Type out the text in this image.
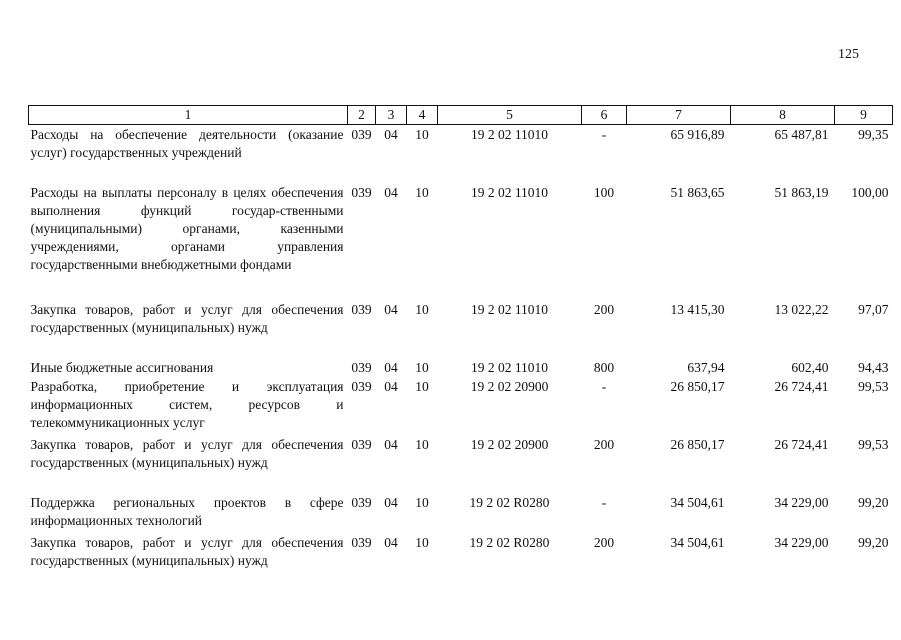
125
1	2	3	4	5	6	7	8	9
Расходы на обеспечение деятельности (оказание услуг) государственных учреждений	039	04	10	19 2 02 11010	-	65 916,89	65 487,81	99,35
Расходы на выплаты персоналу в целях обеспечения выполнения функций государ-ственными (муниципальными) органами, казенными учреждениями, органами управления государственными внебюджетными фондами	039	04	10	19 2 02 11010	100	51 863,65	51 863,19	100,00
Закупка товаров, работ и услуг для обеспечения государственных (муниципальных) нужд	039	04	10	19 2 02 11010	200	13 415,30	13 022,22	97,07
Иные бюджетные ассигнования	039	04	10	19 2 02 11010	800	637,94	602,40	94,43
Разработка, приобретение и эксплуатация информационных систем, ресурсов и телекоммуникационных услуг	039	04	10	19 2 02 20900	-	26 850,17	26 724,41	99,53
Закупка товаров, работ и услуг для обеспечения государственных (муниципальных) нужд	039	04	10	19 2 02 20900	200	26 850,17	26 724,41	99,53
Поддержка региональных проектов в сфере информационных технологий	039	04	10	19 2 02 R0280	-	34 504,61	34 229,00	99,20
Закупка товаров, работ и услуг для обеспечения государственных (муниципальных) нужд	039	04	10	19 2 02 R0280	200	34 504,61	34 229,00	99,20
